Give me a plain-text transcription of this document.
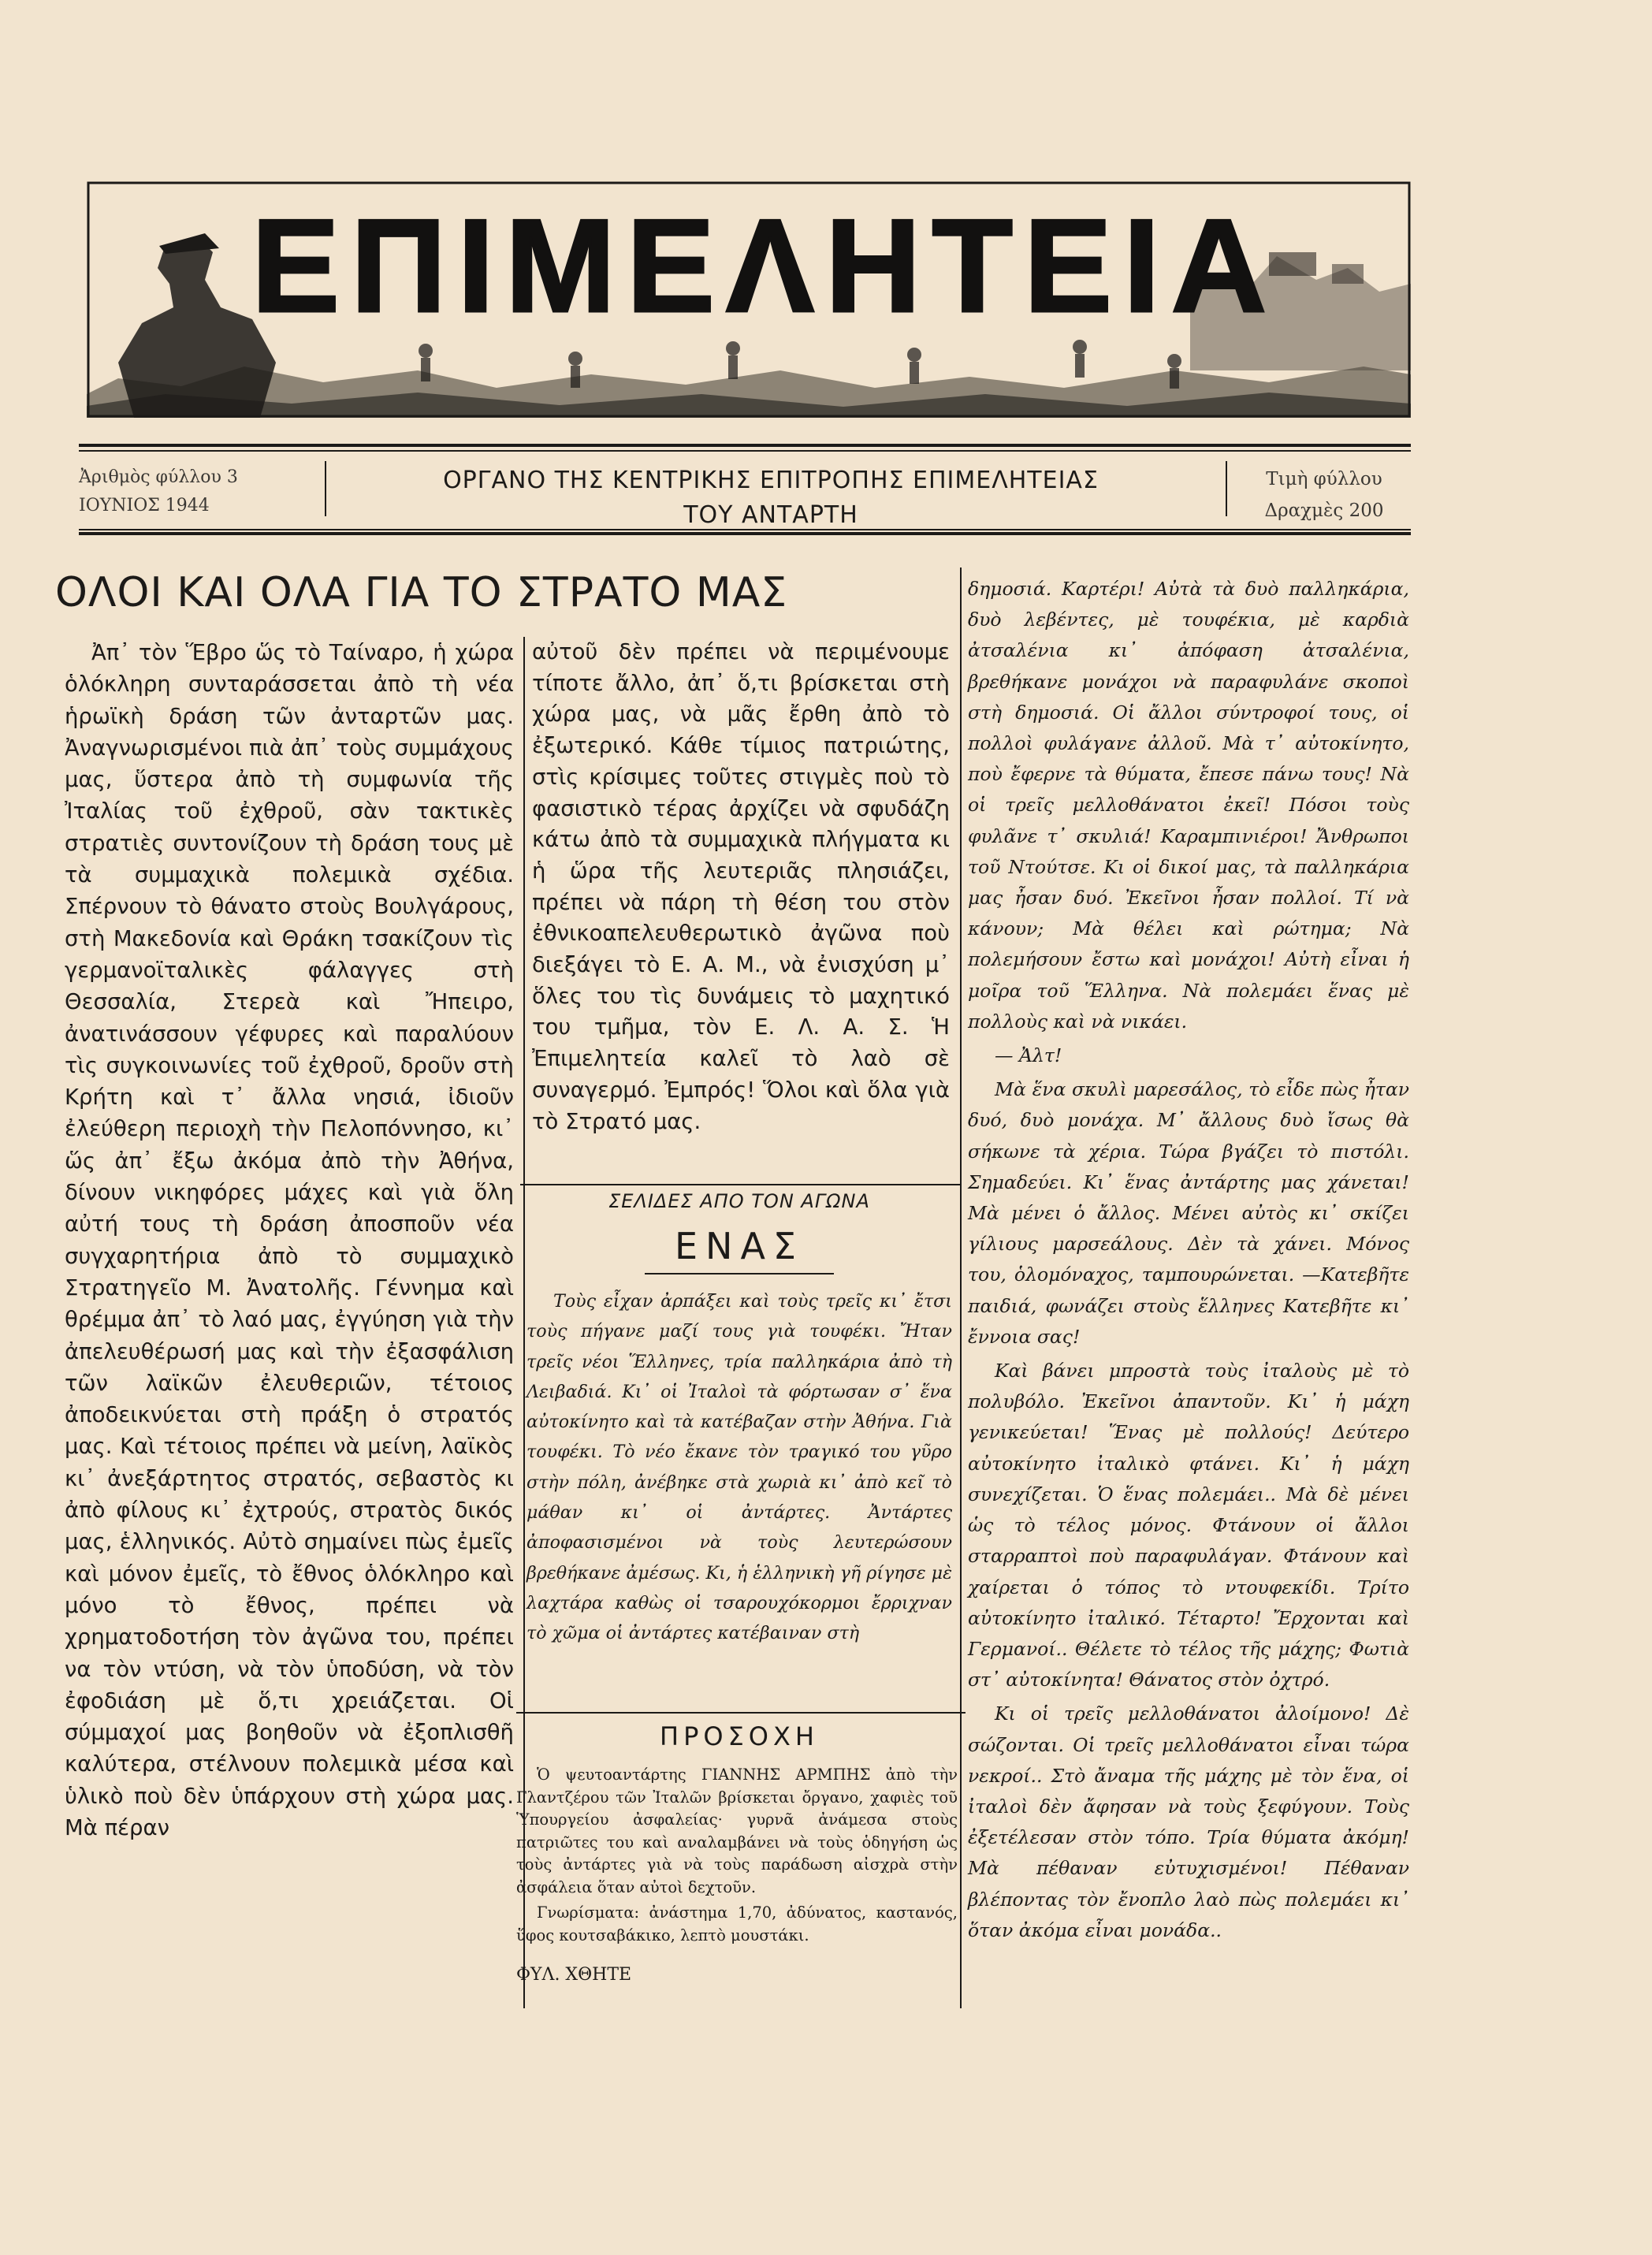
ΕΠΙΜΕΛΗΤΕΙΑ
Ἀριθμὸς φύλλου 3
ΙΟΥΝΙΟΣ 1944
ΟΡΓΑΝΟ ΤΗΣ ΚΕΝΤΡΙΚΗΣ ΕΠΙΤΡΟΠΗΣ ΕΠΙΜΕΛΗΤΕΙΑΣ
ΤΟΥ ΑΝΤΑΡΤΗ
Τιμὴ φύλλου
Δραχμὲς 200
ΟΛΟΙ ΚΑΙ ΟΛΑ ΓΙΑ ΤΟ ΣΤΡΑΤΟ ΜΑΣ

Ἀπ᾽ τὸν Ἕβρο ὥς τὸ Ταίναρο, ἡ χώρα ὁλόκληρη συνταράσσεται ἀπὸ τὴ νέα ἡρωϊκὴ δράση τῶν ἀνταρτῶν μας. Ἀναγνωρισμένοι πιὰ ἀπ᾽ τοὺς συμμάχους μας, ὕστερα ἀπὸ τὴ συμφωνία τῆς Ἰταλίας τοῦ ἐχθροῦ, σὰν τακτικὲς στρατιὲς συντονίζουν τὴ δράση τους μὲ τὰ συμμαχικὰ πολεμικὰ σχέδια. Σπέρνουν τὸ θάνατο στοὺς Βουλγάρους, στὴ Μακεδονία καὶ Θράκη τσακίζουν τὶς γερμανοϊταλικὲς φάλαγγες στὴ Θεσσαλία, Στερεὰ καὶ Ἤπειρο, ἀνατινάσσουν γέφυρες καὶ παραλύουν τὶς συγκοινωνίες τοῦ ἐχθροῦ, δροῦν στὴ Κρήτη καὶ τ᾽ ἄλλα νησιά, ἰδιοῦν ἐλεύθερη περιοχὴ τὴν Πελοπόννησο, κι᾽ ὥς ἀπ᾽ ἔξω ἀκόμα ἀπὸ τὴν Ἀθήνα, δίνουν νικηφόρες μάχες καὶ γιὰ ὅλη αὐτή τους τὴ δράση ἀποσποῦν νέα συγχαρητήρια ἀπὸ τὸ συμμαχικὸ Στρατηγεῖο Μ. Ἀνατολῆς. Γέννημα καὶ θρέμμα ἀπ᾽ τὸ λαό μας, ἐγγύηση γιὰ τὴν ἀπελευθέρωσή μας καὶ τὴν ἐξασφάλιση τῶν λαϊκῶν ἐλευθεριῶν, τέτοιος ἀποδεικνύεται στὴ πράξη ὁ στρατός μας. Καὶ τέτοιος πρέπει νὰ μείνη, λαϊκὸς κι᾽ ἀνεξάρτητος στρατός, σεβαστὸς κι ἀπὸ φίλους κι᾽ ἐχτρούς, στρατὸς δικός μας, ἑλληνικός. Αὐτὸ σημαίνει πὼς ἐμεῖς καὶ μόνον ἐμεῖς, τὸ ἔθνος ὁλόκληρο καὶ μόνο τὸ ἔθνος, πρέπει νὰ χρηματοδοτήση τὸν ἀγῶνα του, πρέπει να τὸν ντύση, νὰ τὸν ὑποδύση, νὰ τὸν ἐφοδιάση μὲ ὅ,τι χρειάζεται. Οἱ σύμμαχοί μας βοηθοῦν νὰ ἐξοπλισθῆ καλύτερα, στέλνουν πολεμικὰ μέσα καὶ ὑλικὸ ποὺ δὲν ὑπάρχουν στὴ χώρα μας. Μὰ πέραν

αὐτοῦ δὲν πρέπει νὰ περιμένουμε τίποτε ἄλλο, ἀπ᾽ ὅ,τι βρίσκεται στὴ χώρα μας, νὰ μᾶς ἔρθη ἀπὸ τὸ ἐξωτερικό. Κάθε τίμιος πατριώτης, στὶς κρίσιμες τοῦτες στιγμὲς ποὺ τὸ φασιστικὸ τέρας ἀρχίζει νὰ σφυδάζη κάτω ἀπὸ τὰ συμμαχικὰ πλήγματα κι ἡ ὥρα τῆς λευτεριᾶς πλησιάζει, πρέπει νὰ πάρη τὴ θέση του στὸν ἐθνικοαπελευθερωτικὸ ἀγῶνα ποὺ διεξάγει τὸ Ε. Α. Μ., νὰ ἐνισχύση μ᾽ ὅλες του τὶς δυνάμεις τὸ μαχητικό του τμῆμα, τὸν Ε. Λ. Α. Σ. Ἡ Ἐπιμελητεία καλεῖ τὸ λαὸ σὲ συναγερμό. Ἐμπρός! Ὅλοι καὶ ὅλα γιὰ τὸ Στρατό μας.

ΣΕΛΙΔΕΣ ΑΠΟ ΤΟΝ ΑΓΩΝΑ
ΕΝΑΣ

Τοὺς εἶχαν ἀρπάξει καὶ τοὺς τρεῖς κι᾽ ἔτσι τοὺς πήγανε μαζί τους γιὰ τουφέκι. Ἤταν τρεῖς νέοι Ἕλληνες, τρία παλληκάρια ἀπὸ τὴ Λειβαδιά. Κι᾽ οἱ Ἰταλοὶ τὰ φόρτωσαν σ᾽ ἕνα αὐτοκίνητο καὶ τὰ κατέβαζαν στὴν Ἀθήνα. Γιὰ τουφέκι. Τὸ νέο ἔκανε τὸν τραγικό του γῦρο στὴν πόλη, ἀνέβηκε στὰ χωριὰ κι᾽ ἀπὸ κεῖ τὸ μάθαν κι᾽ οἱ ἀντάρτες. Ἀντάρτες ἀποφασισμένοι νὰ τοὺς λευτερώσουν βρεθήκανε ἀμέσως. Κι, ἡ ἑλληνικὴ γῆ ρίγησε μὲ λαχτάρα καθὼς οἱ τσαρουχόκορμοι ἔρριχναν τὸ χῶμα οἱ ἀντάρτες κατέβαιναν στὴ

ΠΡΟΣΟΧΗ

Ὁ ψευτοαντάρτης ΓΙΑΝΝΗΣ ΑΡΜΠΗΣ ἀπὸ τὴν Γλαντζέρου τῶν Ἰταλῶν βρίσκεται ὄργανο, χαφιὲς τοῦ Ὑπουργείου ἀσφαλείας· γυρνᾶ ἀνάμεσα στοὺς πατριῶτες του καὶ αναλαμβάνει νὰ τοὺς ὁδηγήση ὡς τοὺς ἀντάρτες γιὰ νὰ τοὺς παράδωση αἰσχρὰ στὴν ἀσφάλεια ὅταν αὐτοὶ δεχτοῦν.

Γνωρίσματα: ἀνάστημα 1,70, ἀδύνατος, καστανός, ὕφος κουτσαβάκικο, λεπτὸ μουστάκι.

ΦΥΛ. ΧΘΗΤΕ

δημοσιά. Καρτέρι! Αὐτὰ τὰ δυὸ παλληκάρια, δυὸ λεβέντες, μὲ τουφέκια, μὲ καρδιὰ ἀτσαλένια κι᾽ ἀπόφαση ἀτσαλένια, βρεθήκανε μονάχοι νὰ παραφυλάνε σκοποὶ στὴ δημοσιά. Οἱ ἄλλοι σύντροφοί τους, οἱ πολλοὶ φυλάγανε ἀλλοῦ. Μὰ τ᾽ αὐτοκίνητο, ποὺ ἔφερνε τὰ θύματα, ἔπεσε πάνω τους! Νὰ οἱ τρεῖς μελλοθάνατοι ἐκεῖ! Πόσοι τοὺς φυλᾶνε τ᾽ σκυλιά! Καραμπινιέροι! Ἄνθρωποι τοῦ Ντούτσε. Κι οἱ δικοί μας, τὰ παλληκάρια μας ἦσαν δυό. Ἐκεῖνοι ἦσαν πολλοί. Τί νὰ κάνουν; Μὰ θέλει καὶ ρώτημα; Νὰ πολεμήσουν ἔστω καὶ μονάχοι! Αὐτὴ εἶναι ἡ μοῖρα τοῦ Ἕλληνα. Νὰ πολεμάει ἕνας μὲ πολλοὺς καὶ νὰ νικάει.

— Ἀλτ!

Μὰ ἕνα σκυλὶ μαρεσάλος, τὸ εἶδε πὼς ἦταν δυό, δυὸ μονάχα. Μ᾽ ἄλλους δυὸ ἴσως θὰ σήκωνε τὰ χέρια. Τώρα βγάζει τὸ πιστόλι. Σημαδεύει. Κι᾽ ἕνας ἀντάρτης μας χάνεται! Μὰ μένει ὁ ἄλλος. Μένει αὐτὸς κι᾽ σκίζει γίλιους μαρσεάλους. Δὲν τὰ χάνει. Μόνος του, ὁλομόναχος, ταμπουρώνεται. —Κατεβῆτε παιδιά, φωνάζει στοὺς ἕλληνες Κατεβῆτε κι᾽ ἔννοια σας!

Καὶ βάνει μπροστὰ τοὺς ἰταλοὺς μὲ τὸ πολυβόλο. Ἐκεῖνοι ἀπαντοῦν. Κι᾽ ἡ μάχη γενικεύεται! Ἕνας μὲ πολλούς! Δεύτερο αὐτοκίνητο ἰταλικὸ φτάνει. Κι᾽ ἡ μάχη συνεχίζεται. Ὁ ἕνας πολεμάει.. Μὰ δὲ μένει ὡς τὸ τέλος μόνος. Φτάνουν οἱ ἄλλοι σταρραπτοὶ ποὺ παραφυλάγαν. Φτάνουν καὶ χαίρεται ὁ τόπος τὸ ντουφεκίδι. Τρίτο αὐτοκίνητο ἰταλικό. Τέταρτο! Ἔρχονται καὶ Γερμανοί.. Θέλετε τὸ τέλος τῆς μάχης; Φωτιὰ στ᾽ αὐτοκίνητα! Θάνατος στὸν ὀχτρό.

Κι οἱ τρεῖς μελλοθάνατοι ἀλοίμονο! Δὲ σώζονται. Οἱ τρεῖς μελλοθάνατοι εἶναι τώρα νεκροί.. Στὸ ἄναμα τῆς μάχης μὲ τὸν ἕνα, οἱ ἰταλοὶ δὲν ἄφησαν νὰ τοὺς ξεφύγουν. Τοὺς ἐξετέλεσαν στὸν τόπο. Τρία θύματα ἀκόμη! Μὰ πέθαναν εὐτυχισμένοι! Πέθαναν βλέποντας τὸν ἔνοπλο λαὸ πὼς πολεμάει κι᾽ ὅταν ἀκόμα εἶναι μονάδα..
